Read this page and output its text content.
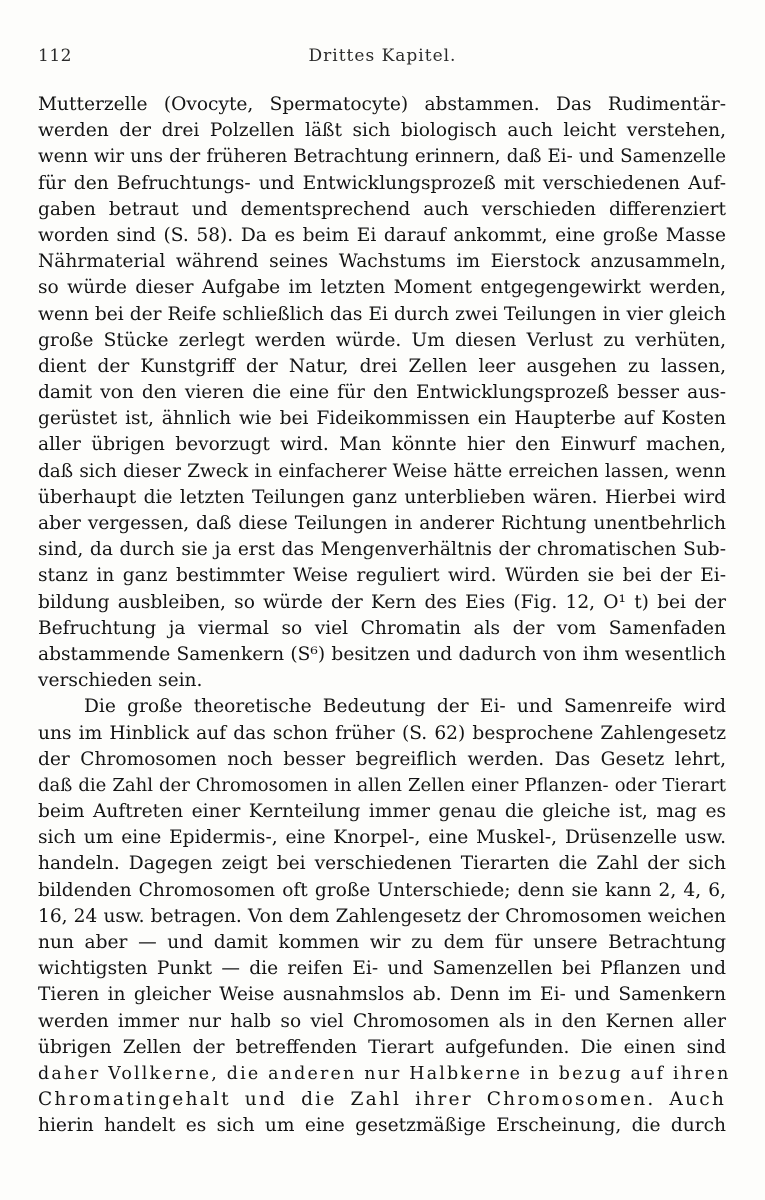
112	Drittes Kapitel.
Mutterzelle (Ovocyte, Spermatocyte) abstammen. Das Rudimentär-
werden der drei Polzellen läßt sich biologisch auch leicht verstehen,
wenn wir uns der früheren Betrachtung erinnern, daß Ei- und Samenzelle
für den Befruchtungs- und Entwicklungsprozeß mit verschiedenen Auf-
gaben betraut und dementsprechend auch verschieden differenziert
worden sind (S. 58). Da es beim Ei darauf ankommt, eine große Masse
Nährmaterial während seines Wachstums im Eierstock anzusammeln,
so würde dieser Aufgabe im letzten Moment entgegengewirkt werden,
wenn bei der Reife schließlich das Ei durch zwei Teilungen in vier gleich
große Stücke zerlegt werden würde. Um diesen Verlust zu verhüten,
dient der Kunstgriff der Natur, drei Zellen leer ausgehen zu lassen,
damit von den vieren die eine für den Entwicklungsprozeß besser aus-
gerüstet ist, ähnlich wie bei Fideikommissen ein Haupterbe auf Kosten
aller übrigen bevorzugt wird. Man könnte hier den Einwurf machen,
daß sich dieser Zweck in einfacherer Weise hätte erreichen lassen, wenn
überhaupt die letzten Teilungen ganz unterblieben wären. Hierbei wird
aber vergessen, daß diese Teilungen in anderer Richtung unentbehrlich
sind, da durch sie ja erst das Mengenverhältnis der chromatischen Sub-
stanz in ganz bestimmter Weise reguliert wird. Würden sie bei der Ei-
bildung ausbleiben, so würde der Kern des Eies (Fig. 12, O¹ t) bei der
Befruchtung ja viermal so viel Chromatin als der vom Samenfaden
abstammende Samenkern (S⁶) besitzen und dadurch von ihm wesentlich
verschieden sein.
Die große theoretische Bedeutung der Ei- und Samenreife wird
uns im Hinblick auf das schon früher (S. 62) besprochene Zahlengesetz
der Chromosomen noch besser begreiflich werden. Das Gesetz lehrt,
daß die Zahl der Chromosomen in allen Zellen einer Pflanzen- oder Tierart
beim Auftreten einer Kernteilung immer genau die gleiche ist, mag es
sich um eine Epidermis-, eine Knorpel-, eine Muskel-, Drüsenzelle usw.
handeln. Dagegen zeigt bei verschiedenen Tierarten die Zahl der sich
bildenden Chromosomen oft große Unterschiede; denn sie kann 2, 4, 6,
16, 24 usw. betragen. Von dem Zahlengesetz der Chromosomen weichen
nun aber — und damit kommen wir zu dem für unsere Betrachtung
wichtigsten Punkt — die reifen Ei- und Samenzellen bei Pflanzen und
Tieren in gleicher Weise ausnahmslos ab. Denn im Ei- und Samenkern
werden immer nur halb so viel Chromosomen als in den Kernen aller
übrigen Zellen der betreffenden Tierart aufgefunden. Die einen sind
daher Vollkerne, die anderen nur Halbkerne in bezug auf ihren
Chromatingehalt und die Zahl ihrer Chromosomen. Auch
hierin handelt es sich um eine gesetzmäßige Erscheinung, die durch
